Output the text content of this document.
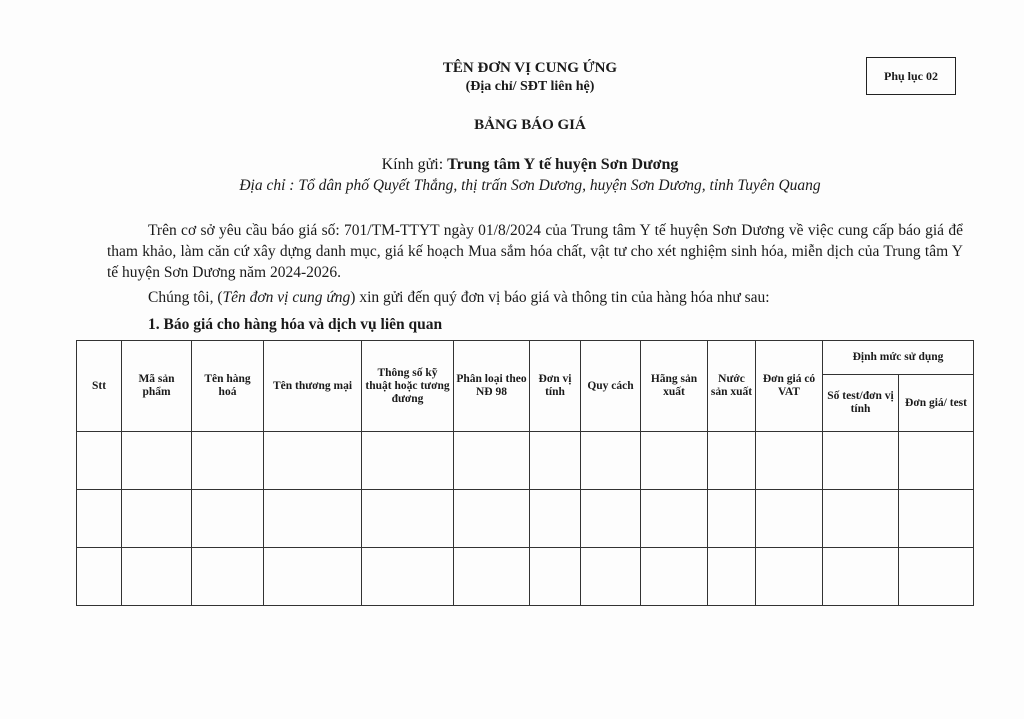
TÊN ĐƠN VỊ CUNG ỨNG
(Địa chỉ/ SĐT liên hệ)
Phụ lục 02
BẢNG BÁO GIÁ
Kính gửi: Trung tâm Y tế huyện Sơn Dương
Địa chỉ : Tổ dân phố Quyết Thắng, thị trấn Sơn Dương, huyện Sơn Dương, tỉnh Tuyên Quang
Trên cơ sở yêu cầu báo giá số: 701/TM-TTYT ngày 01/8/2024 của Trung tâm Y tế huyện Sơn Dương về việc cung cấp báo giá để tham khảo, làm căn cứ xây dựng danh mục, giá kế hoạch Mua sắm hóa chất, vật tư cho xét nghiệm sinh hóa, miễn dịch của Trung tâm Y tế huyện Sơn Dương năm 2024-2026.
Chúng tôi, (Tên đơn vị cung ứng) xin gửi đến quý đơn vị báo giá và thông tin của hàng hóa như sau:
1. Báo giá cho hàng hóa và dịch vụ liên quan
Stt	Mã sản phẩm	Tên hàng hoá	Tên thương mại	Thông số kỹ thuật hoặc tương đương	Phân loại theo NĐ 98	Đơn vị tính	Quy cách	Hãng sản xuất	Nước sản xuất	Đơn giá có VAT	Định mức sử dụng	
											Số test/đơn vị tính	Đơn giá/ test
